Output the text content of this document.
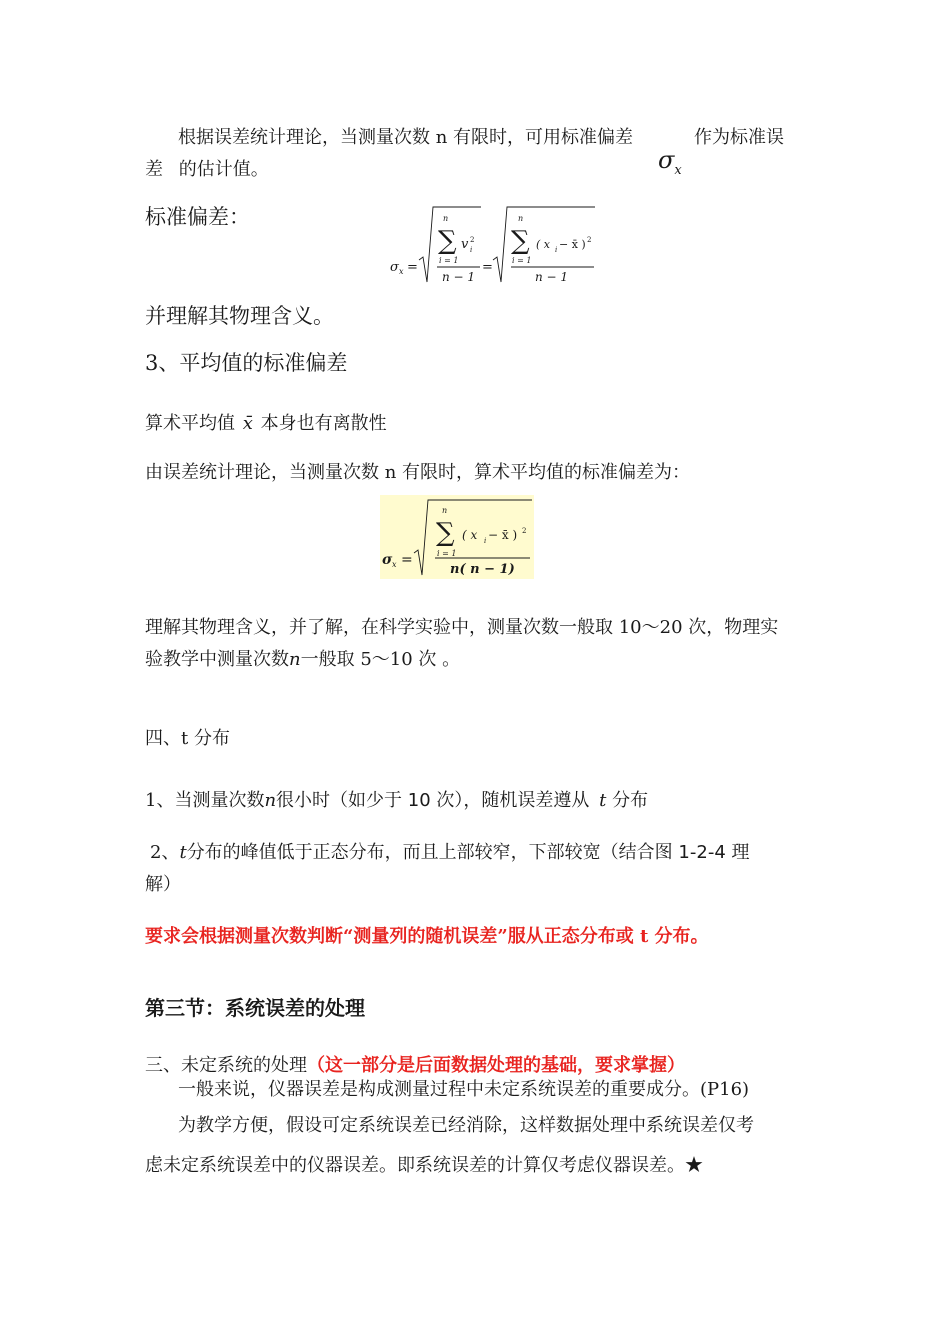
根据误差统计理论，当测量次数 n 有限时，可用标准偏差	作为标准误
差 的估计值。	$\sigma_x$
标准偏差：
σ x =
n
∑
i = 1
v 2
i
n − 1
=
n
∑
i = 1
( x i − x̄ ) 2
n − 1
并理解其物理含义。
3、平均值的标准偏差
算术平均值 x̄ 本身也有离散性
由误差统计理论，当测量次数 n 有限时，算术平均值的标准偏差为：
σ x =
n
∑
i = 1
( x i − x̄ ) 2
n( n − 1)
理解其物理含义，并了解，在科学实验中，测量次数一般取 10～20 次，物理实
验教学中测量次数n一般取 5～10 次 。
四、t 分布
1、当测量次数n很小时（如少于 10 次），随机误差遵从 t 分布
2、t分布的峰值低于正态分布，而且上部较窄，下部较宽（结合图 1-2-4 理
解）
要求会根据测量次数判断“测量列的随机误差”服从正态分布或 t 分布。
第三节：系统误差的处理
三、未定系统的处理（这一部分是后面数据处理的基础，要求掌握）
一般来说，仪器误差是构成测量过程中未定系统误差的重要成分。(P16)
为教学方便，假设可定系统误差已经消除，这样数据处理中系统误差仅考
虑未定系统误差中的仪器误差。即系统误差的计算仅考虑仪器误差。★
